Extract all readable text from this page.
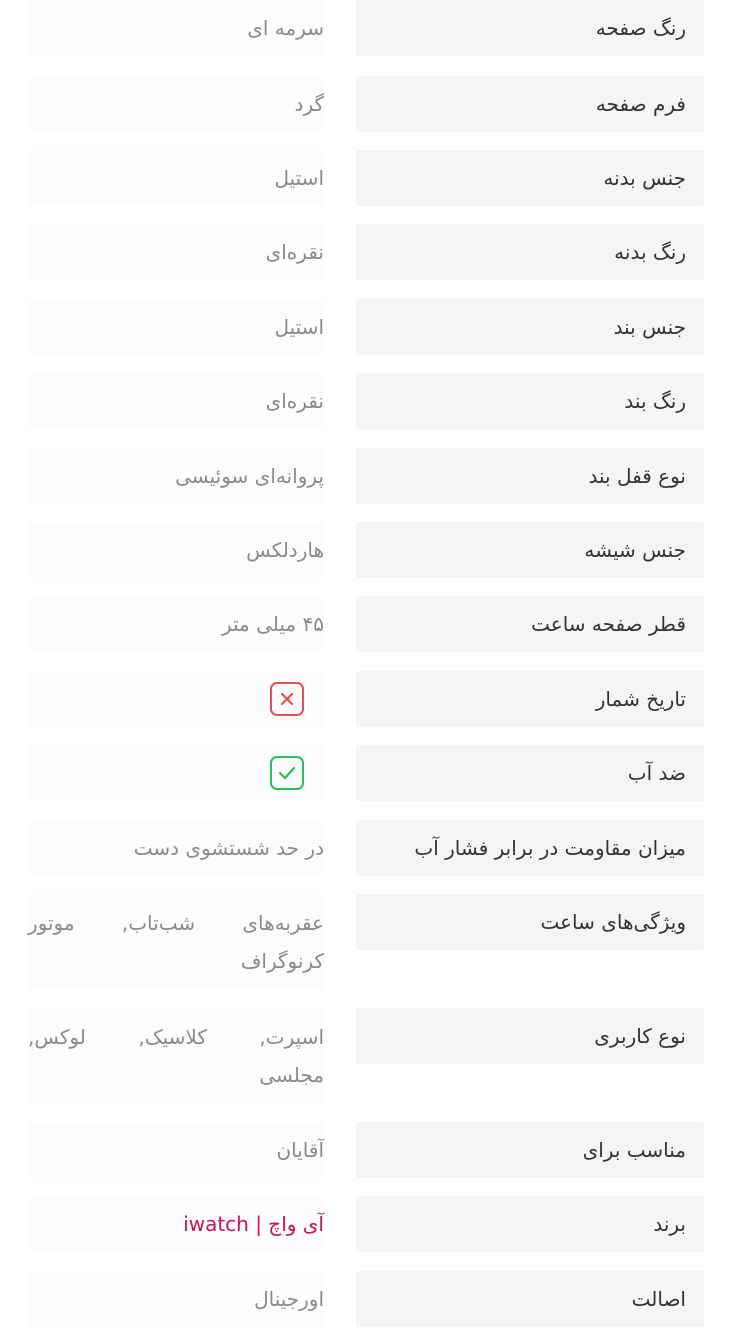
رنگ صفحه
سرمه ای
فرم صفحه
گرد
جنس بدنه
استیل
رنگ بدنه
نقره‌ای
جنس بند
استیل
رنگ بند
نقره‌ای
نوع قفل بند
پروانه‌ای سوئیسی
جنس شیشه
هاردلکس
قطر صفحه ساعت
۴۵ میلی متر
تاریخ شمار
ضد آب
میزان مقاومت در برابر فشار آب
در حد شستشوی دست
ویژگی‌های ساعت
عقربه‌های شب‌تاب, موتور کرنوگراف
نوع کاربری
اسپرت, کلاسیک, لوکس, مجلسی
مناسب برای
آقایان
برند
آی واچ | iwatch
اصالت
اورجینال
